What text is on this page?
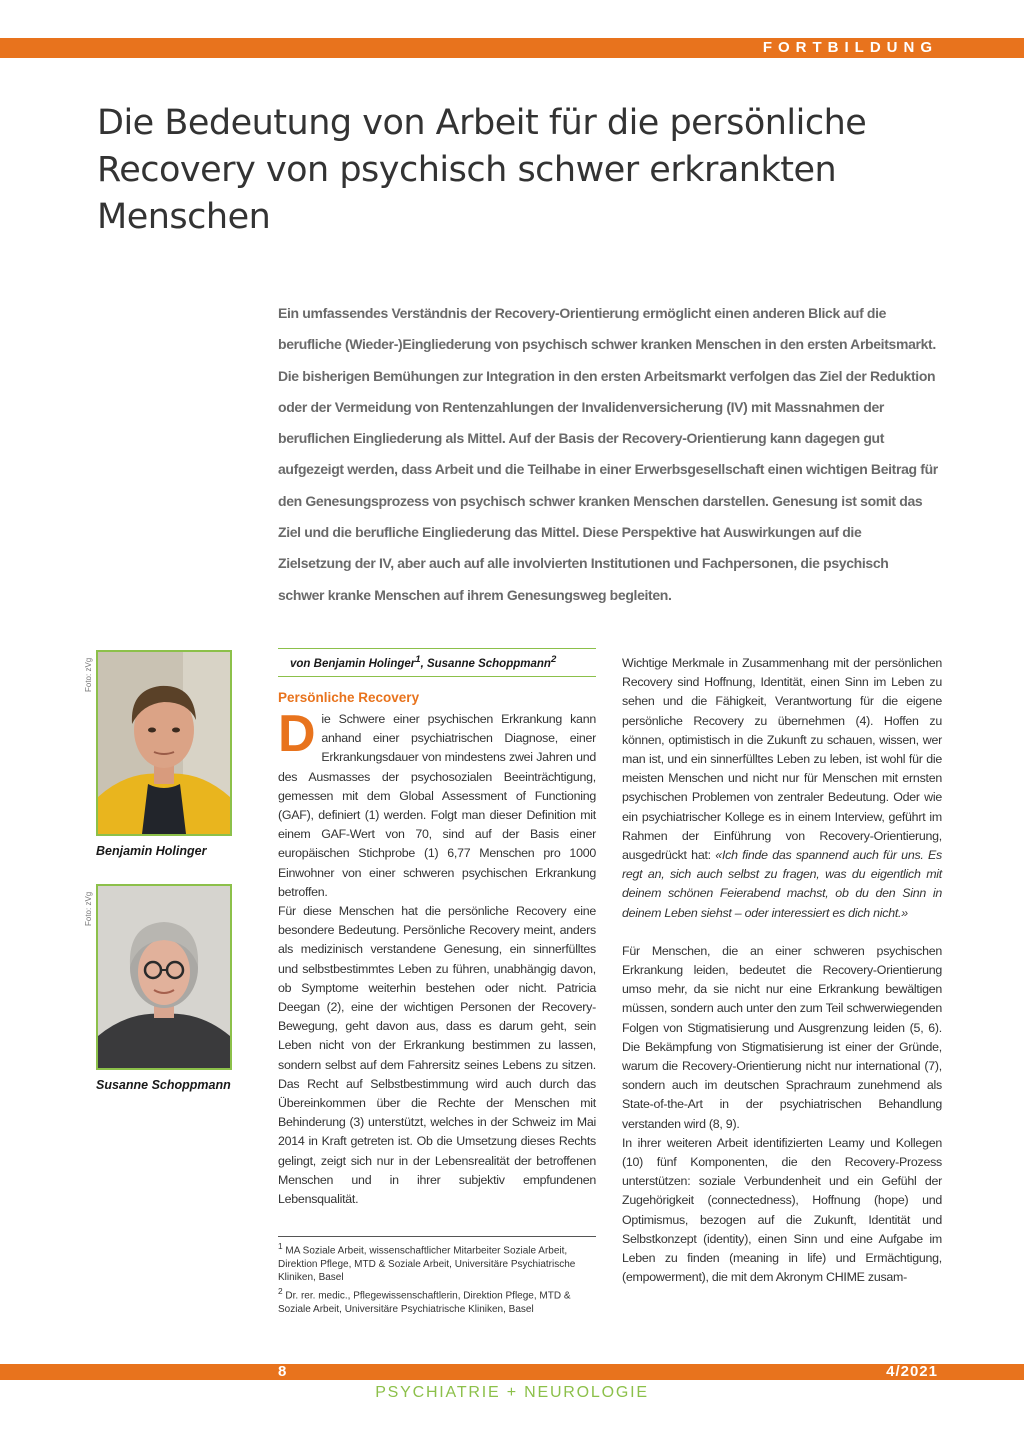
FORTBILDUNG
Die Bedeutung von Arbeit für die persönliche Recovery von psychisch schwer erkrankten Menschen

Ein umfassendes Verständnis der Recovery-Orientierung ermöglicht einen anderen Blick auf die berufliche (Wieder-)Eingliederung von psychisch schwer kranken Menschen in den ersten Arbeitsmarkt. Die bisherigen Bemühungen zur Integration in den ersten Arbeitsmarkt verfolgen das Ziel der Reduktion oder der Vermeidung von Rentenzahlungen der Invalidenversicherung (IV) mit Massnahmen der beruflichen Eingliederung als Mittel. Auf der Basis der Recovery-Orientierung kann dagegen gut aufgezeigt werden, dass Arbeit und die Teilhabe in einer Erwerbsgesellschaft einen wichtigen Beitrag für den Genesungsprozess von psychisch schwer kranken Menschen darstellen. Genesung ist somit das Ziel und die berufliche Eingliederung das Mittel. Diese Perspektive hat Auswirkungen auf die Zielsetzung der IV, aber auch auf alle involvierten Institutionen und Fachpersonen, die psychisch schwer kranke Menschen auf ihrem Genesungsweg begleiten.

Foto: zVg
Benjamin Holinger
Foto: zVg
Susanne Schoppmann
von Benjamin Holinger$^1$, Susanne Schoppmann$^2$
Persönliche Recovery

Die Schwere einer psychischen Erkrankung kann anhand einer psychiatrischen Diagnose, einer Erkrankungsdauer von mindestens zwei Jahren und des Ausmasses der psychosozialen Beeinträchtigung, gemessen mit dem Global Assessment of Functioning (GAF), definiert (1) werden. Folgt man dieser Definition mit einem GAF-Wert von 70, sind auf der Basis einer europäischen Stichprobe (1) 6,77 Menschen pro 1000 Einwohner von einer schweren psychischen Erkrankung betroffen.

Für diese Menschen hat die persönliche Recovery eine besondere Bedeutung. Persönliche Recovery meint, anders als medizinisch verstandene Genesung, ein sinnerfülltes und selbstbestimmtes Leben zu führen, unabhängig davon, ob Symptome weiterhin bestehen oder nicht. Patricia Deegan (2), eine der wichtigen Personen der Recovery-Bewegung, geht davon aus, dass es darum geht, sein Leben nicht von der Erkrankung bestimmen zu lassen, sondern selbst auf dem Fahrersitz seines Lebens zu sitzen. Das Recht auf Selbstbestimmung wird auch durch das Übereinkommen über die Rechte der Menschen mit Behinderung (3) unterstützt, welches in der Schweiz im Mai 2014 in Kraft getreten ist. Ob die Umsetzung dieses Rechts gelingt, zeigt sich nur in der Lebensrealität der betroffenen Menschen und in ihrer subjektiv empfundenen Lebensqualität.

Wichtige Merkmale in Zusammenhang mit der persönlichen Recovery sind Hoffnung, Identität, einen Sinn im Leben zu sehen und die Fähigkeit, Verantwortung für die eigene persönliche Recovery zu übernehmen (4). Hoffen zu können, optimistisch in die Zukunft zu schauen, wissen, wer man ist, und ein sinnerfülltes Leben zu leben, ist wohl für die meisten Menschen und nicht nur für Menschen mit ernsten psychischen Problemen von zentraler Bedeutung. Oder wie ein psychiatrischer Kollege es in einem Interview, geführt im Rahmen der Einführung von Recovery-Orientierung, ausgedrückt hat: «Ich finde das spannend auch für uns. Es regt an, sich auch selbst zu fragen, was du eigentlich mit deinem schönen Feierabend machst, ob du den Sinn in deinem Leben siehst – oder interessiert es dich nicht.»

Für Menschen, die an einer schweren psychischen Erkrankung leiden, bedeutet die Recovery-Orientierung umso mehr, da sie nicht nur eine Erkrankung bewältigen müssen, sondern auch unter den zum Teil schwerwiegenden Folgen von Stigmatisierung und Ausgrenzung leiden (5, 6). Die Bekämpfung von Stigmatisierung ist einer der Gründe, warum die Recovery-Orientierung nicht nur international (7), sondern auch im deutschen Sprachraum zunehmend als State-of-the-Art in der psychiatrischen Behandlung verstanden wird (8, 9).

In ihrer weiteren Arbeit identifizierten Leamy und Kollegen (10) fünf Komponenten, die den Recovery-Prozess unterstützen: soziale Verbundenheit und ein Gefühl der Zugehörigkeit (connectedness), Hoffnung (hope) und Optimismus, bezogen auf die Zukunft, Identität und Selbstkonzept (identity), einen Sinn und eine Aufgabe im Leben zu finden (meaning in life) und Ermächtigung, (empowerment), die mit dem Akronym CHIME zusam-

$^1$ MA Soziale Arbeit, wissenschaftlicher Mitarbeiter Soziale Arbeit, Direktion Pflege, MTD & Soziale Arbeit, Universitäre Psychiatrische Kliniken, Basel

$^2$ Dr. rer. medic., Pflegewissenschaftlerin, Direktion Pflege, MTD & Soziale Arbeit, Universitäre Psychiatrische Kliniken, Basel

8	4/2021
PSYCHIATRIE + NEUROLOGIE
